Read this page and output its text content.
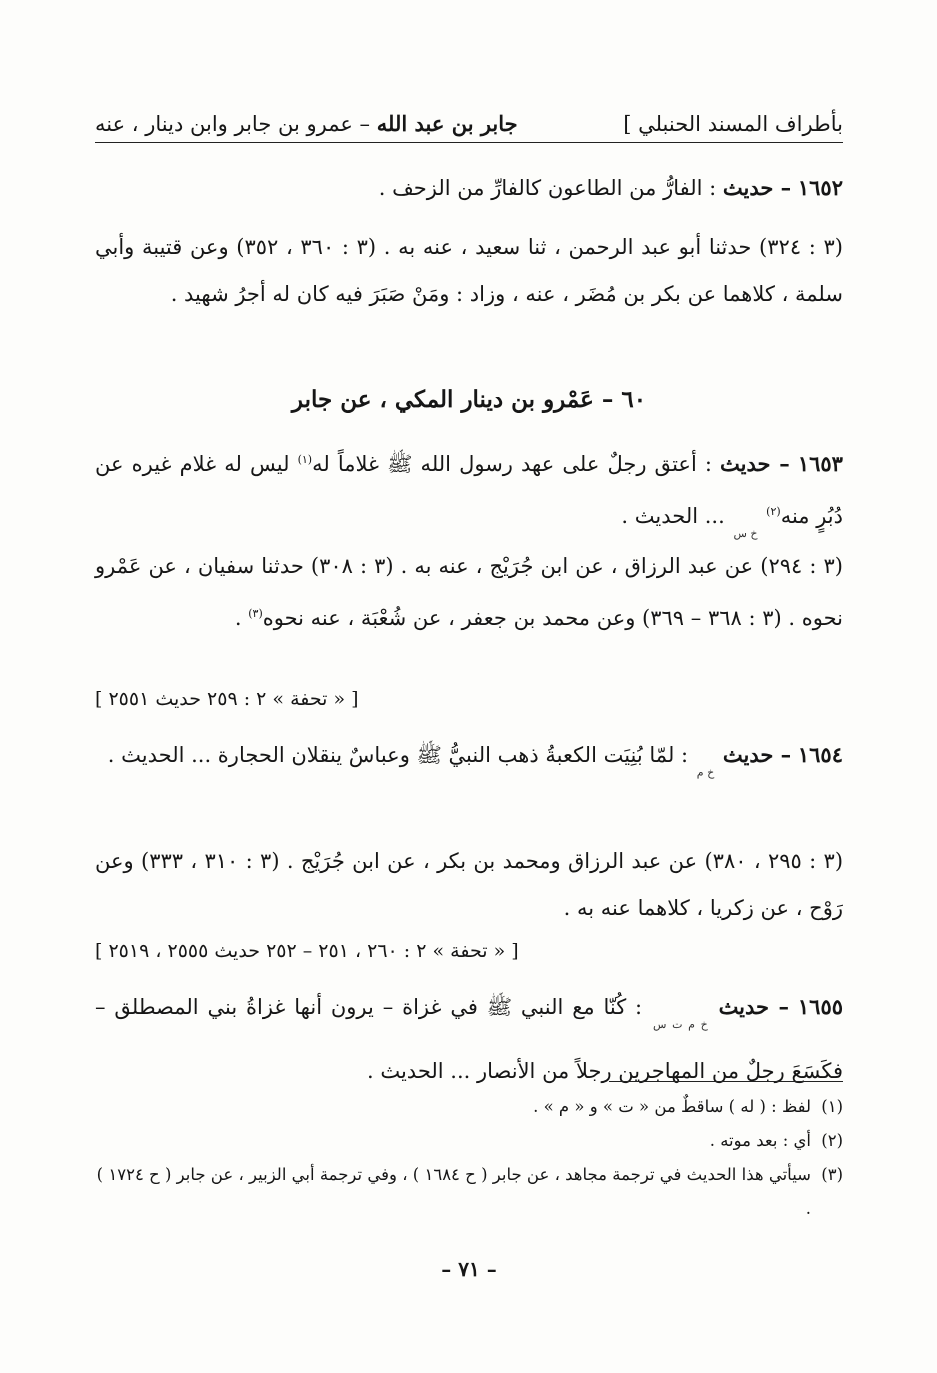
بأطراف المسند الحنبلي ]
جابر بن عبد الله – عمرو بن جابر وابن دينار ، عنه
١٦٥٢ – حديث : الفارُّ من الطاعون كالفارِّ من الزحف .
(٣ : ٣٢٤) حدثنا أبو عبد الرحمن ، ثنا سعيد ، عنه به . (٣ : ٣٦٠ ، ٣٥٢) وعن قتيبة وأبي سلمة ، كلاهما عن بكر بن مُضَر ، عنه ، وزاد : ومَنْ صَبَرَ فيه كان له أجرُ شهيد .
٦٠ – عَمْرو بن دينار المكي ، عن جابر
١٦٥٣ – حديث : أعتق رجلٌ على عهد رسول الله ﷺ غلاماً له$^{(١)}$ ليس له غلام غيره عن دُبُرٍ منه$^{(٢)}$ $_{خ س}$ ... الحديث .
(٣ : ٢٩٤) عن عبد الرزاق ، عن ابن جُرَيْج ، عنه به . (٣ : ٣٠٨) حدثنا سفيان ، عن عَمْرو نحوه . (٣ : ٣٦٨ – ٣٦٩) وعن محمد بن جعفر ، عن شُعْبَة ، عنه نحوه$^{(٣)}$ .
[ « تحفة » ٢ : ٢٥٩ حديث ٢٥٥١ ]
١٦٥٤ – حديث $_{خ م}$ : لمّا بُنِيَت الكعبةُ ذهب النبيُّ ﷺ وعباسٌ ينقلان الحجارة ... الحديث .
(٣ : ٢٩٥ ، ٣٨٠) عن عبد الرزاق ومحمد بن بكر ، عن ابن جُرَيْج . (٣ : ٣١٠ ، ٣٣٣) وعن رَوْح ، عن زكريا ، كلاهما عنه به .
[ « تحفة » ٢ : ٢٦٠ ، ٢٥١ – ٢٥٢ حديث ٢٥٥٥ ، ٢٥١٩ ]
١٦٥٥ – حديث $_{خ م ت س}$ : كُنّا مع النبي ﷺ في غزاة – يرون أنها غزاةُ بني المصطلق – فكَسَعَ رجلٌ من المهاجرين رجلاً من الأنصار ... الحديث .
(١)
لفظ : ( له ) ساقطٌ من « ت » و « م » .
(٢)
أي : بعد موته .
(٣)
سيأتي هذا الحديث في ترجمة مجاهد ، عن جابر ( ح ١٦٨٤ ) ، وفي ترجمة أبي الزبير ، عن جابر ( ح ١٧٢٤ ) .
– ٧١ –
